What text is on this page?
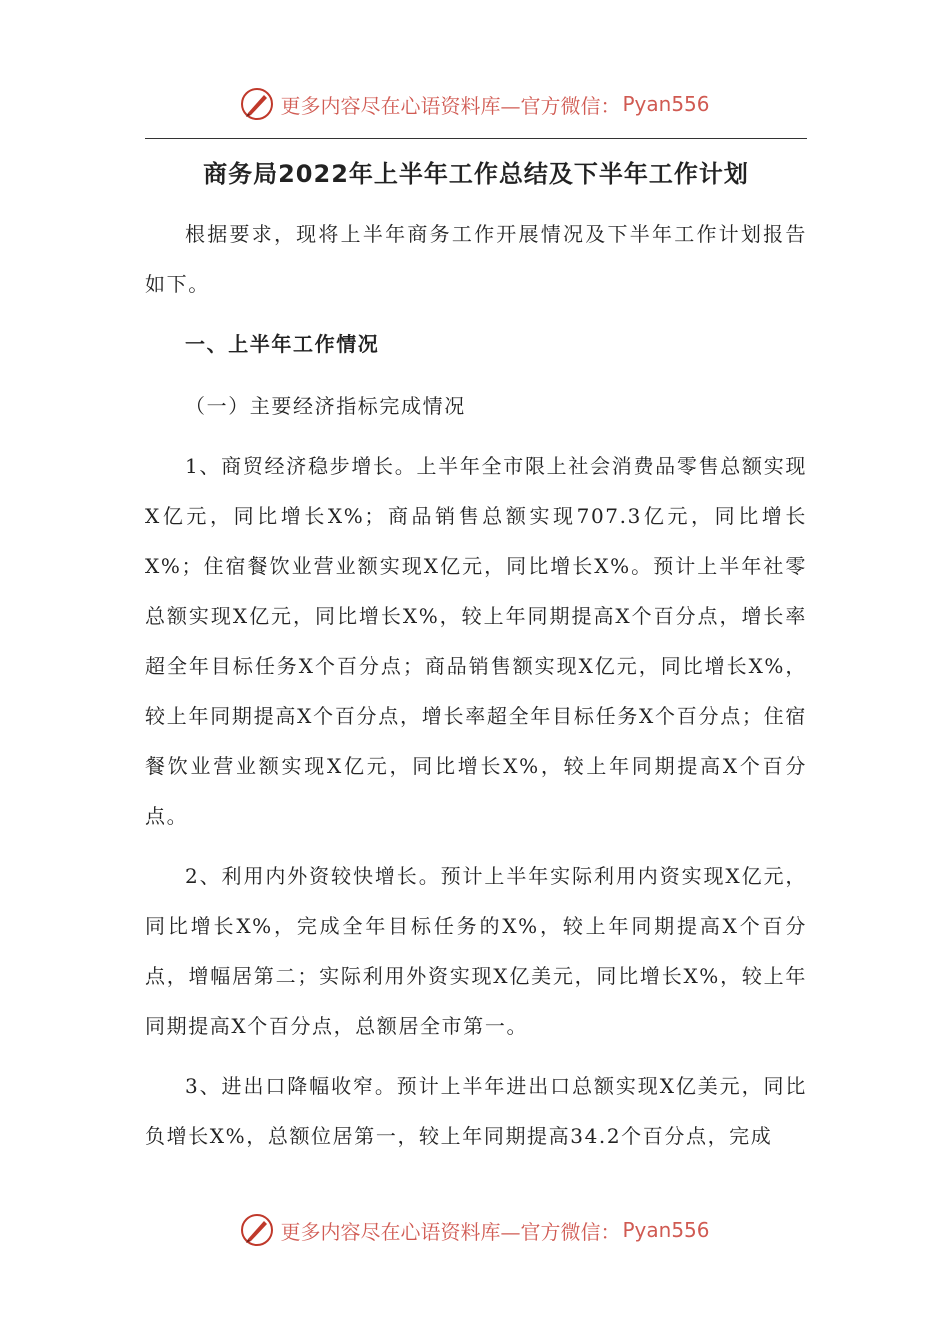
更多内容尽在心语资料库—官方微信： Pyan556
商务局2022年上半年工作总结及下半年工作计划

根据要求，现将上半年商务工作开展情况及下半年工作计划报告如下。

一、上半年工作情况

（一）主要经济指标完成情况

1、商贸经济稳步增长。上半年全市限上社会消费品零售总额实现X亿元，同比增长X%；商品销售总额实现707.3亿元，同比增长X%；住宿餐饮业营业额实现X亿元，同比增长X%。预计上半年社零总额实现X亿元，同比增长X%，较上年同期提高X个百分点，增长率超全年目标任务X个百分点；商品销售额实现X亿元，同比增长X%，较上年同期提高X个百分点，增长率超全年目标任务X个百分点；住宿餐饮业营业额实现X亿元，同比增长X%，较上年同期提高X个百分点。

2、利用内外资较快增长。预计上半年实际利用内资实现X亿元，同比增长X%，完成全年目标任务的X%，较上年同期提高X个百分点，增幅居第二；实际利用外资实现X亿美元，同比增长X%，较上年同期提高X个百分点，总额居全市第一。

3、进出口降幅收窄。预计上半年进出口总额实现X亿美元，同比负增长X%，总额位居第一，较上年同期提高34.2个百分点，完成

更多内容尽在心语资料库—官方微信： Pyan556
